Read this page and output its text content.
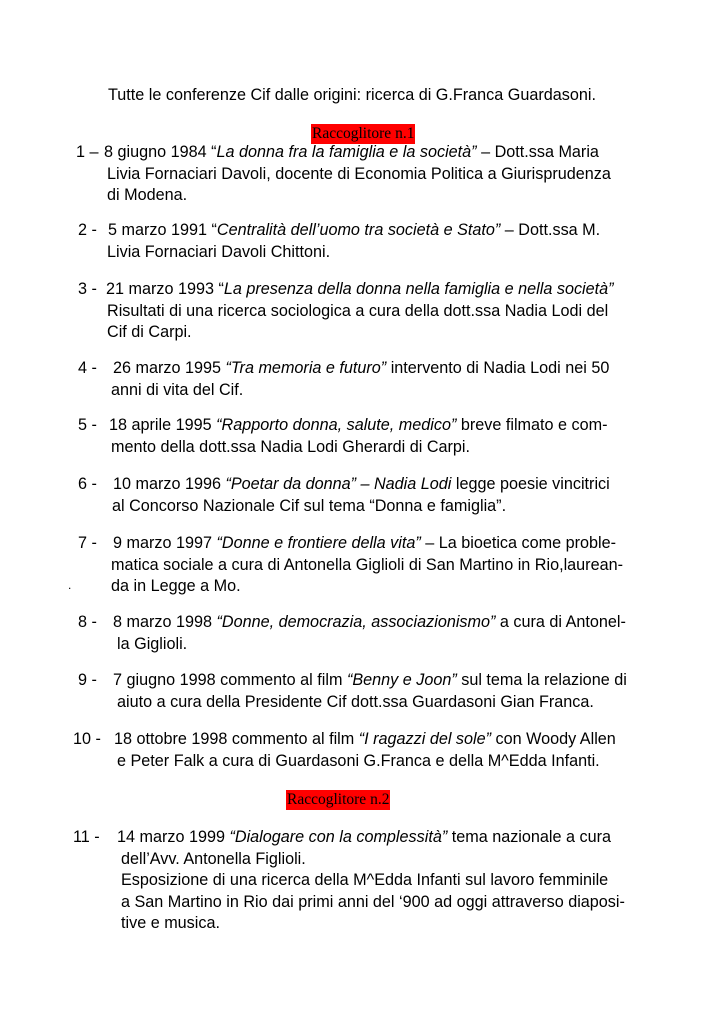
Tutte le conferenze Cif dalle origini: ricerca di G.Franca Guardasoni.
Raccoglitore n.1
Raccoglitore n.2
1 – 8 giugno 1984 “La donna fra la famiglia e la società” – Dott.ssa Maria
Livia Fornaciari Davoli, docente di Economia Politica a Giurisprudenza
di Modena.
2 - 5 marzo 1991 “Centralità dell’uomo tra società e Stato” – Dott.ssa M.
Livia Fornaciari Davoli Chittoni.
3 - 21 marzo 1993 “La presenza della donna nella famiglia e nella società”
Risultati di una ricerca sociologica a cura della dott.ssa Nadia Lodi del
Cif di Carpi.
4 - 26 marzo 1995 “Tra memoria e futuro” intervento di Nadia Lodi nei 50
anni di vita del Cif.
5 - 18 aprile 1995 “Rapporto donna, salute, medico” breve filmato e com-
mento della dott.ssa Nadia Lodi Gherardi di Carpi.
6 - 10 marzo 1996 “Poetar da donna” – Nadia Lodi legge poesie vincitrici
al Concorso Nazionale Cif sul tema “Donna e famiglia”.
7 - 9 marzo 1997 “Donne e frontiere della vita” – La bioetica come proble-
matica sociale a cura di Antonella Giglioli di San Martino in Rio,laurean-
da in Legge a Mo.
8 - 8 marzo 1998 “Donne, democrazia, associazionismo” a cura di Antonel-
la Giglioli.
9 - 7 giugno 1998 commento al film “Benny e Joon” sul tema la relazione di
aiuto a cura della Presidente Cif dott.ssa Guardasoni Gian Franca.
10 - 18 ottobre 1998 commento al film “I ragazzi del sole” con Woody Allen
e Peter Falk a cura di Guardasoni G.Franca e della M^Edda Infanti.
11 - 14 marzo 1999 “Dialogare con la complessità” tema nazionale a cura
dell’Avv. Antonella Figlioli.
Esposizione di una ricerca della M^Edda Infanti sul lavoro femminile
a San Martino in Rio dai primi anni del ‘900 ad oggi attraverso diaposi-
tive e musica.
.
